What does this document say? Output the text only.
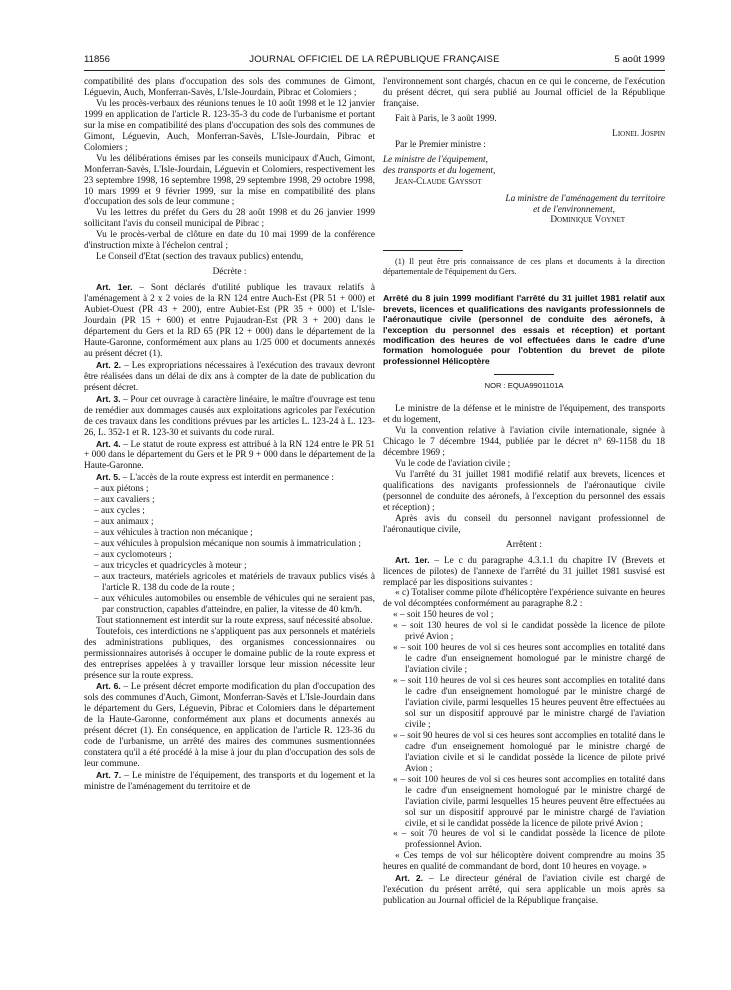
11856	JOURNAL OFFICIEL DE LA RÉPUBLIQUE FRANÇAISE	5 août 1999

compatibilité des plans d'occupation des sols des communes de Gimont, Léguevin, Auch, Monferran-Savès, L'Isle-Jourdain, Pibrac et Colomiers ;

Vu les procès-verbaux des réunions tenues le 10 août 1998 et le 12 janvier 1999 en application de l'article R. 123-35-3 du code de l'urbanisme et portant sur la mise en compatibilité des plans d'occupation des sols des communes de Gimont, Léguevin, Auch, Monferran-Savès, L'Isle-Jourdain, Pibrac et Colomiers ;

Vu les délibérations émises par les conseils municipaux d'Auch, Gimont, Monferran-Savès, L'Isle-Jourdain, Léguevin et Colomiers, respectivement les 23 septembre 1998, 16 septembre 1998, 29 septembre 1998, 29 octobre 1998, 10 mars 1999 et 9 février 1999, sur la mise en compatibilité des plans d'occupation des sols de leur commune ;

Vu les lettres du préfet du Gers du 28 août 1998 et du 26 janvier 1999 sollicitant l'avis du conseil municipal de Pibrac ;

Vu le procès-verbal de clôture en date du 10 mai 1999 de la conférence d'instruction mixte à l'échelon central ;

Le Conseil d'Etat (section des travaux publics) entendu,

Décrète :

Art. 1er. – Sont déclarés d'utilité publique les travaux relatifs à l'aménagement à 2 x 2 voies de la RN 124 entre Auch-Est (PR 51 + 000) et Aubiet-Ouest (PR 43 + 200), entre Aubiet-Est (PR 35 + 000) et L'Isle-Jourdain (PR 15 + 600) et entre Pujaudran-Est (PR 3 + 200) dans le département du Gers et la RD 65 (PR 12 + 000) dans le département de la Haute-Garonne, conformément aux plans au 1/25 000 et documents annexés au présent décret (1).

Art. 2. – Les expropriations nécessaires à l'exécution des travaux devront être réalisées dans un délai de dix ans à compter de la date de publication du présent décret.

Art. 3. – Pour cet ouvrage à caractère linéaire, le maître d'ouvrage est tenu de remédier aux dommages causés aux exploitations agricoles par l'exécution de ces travaux dans les conditions prévues par les articles L. 123-24 à L. 123-26, L. 352-1 et R. 123-30 et suivants du code rural.

Art. 4. – Le statut de route express est attribué à la RN 124 entre le PR 51 + 000 dans le département du Gers et le PR 9 + 000 dans le département de la Haute-Garonne.

Art. 5. – L'accès de la route express est interdit en permanence :

– aux piétons ;

– aux cavaliers ;

– aux cycles ;

– aux animaux ;

– aux véhicules à traction non mécanique ;

– aux véhicules à propulsion mécanique non soumis à immatriculation ;

– aux cyclomoteurs ;

– aux tricycles et quadricycles à moteur ;

– aux tracteurs, matériels agricoles et matériels de travaux publics visés à l'article R. 138 du code de la route ;

– aux véhicules automobiles ou ensemble de véhicules qui ne seraient pas, par construction, capables d'atteindre, en palier, la vitesse de 40 km/h.

Tout stationnement est interdit sur la route express, sauf nécessité absolue.

Toutefois, ces interdictions ne s'appliquent pas aux personnels et matériels des administrations publiques, des organismes concessionnaires ou permissionnaires autorisés à occuper le domaine public de la route express et des entreprises appelées à y travailler lorsque leur mission nécessite leur présence sur la route express.

Art. 6. – Le présent décret emporte modification du plan d'occupation des sols des communes d'Auch, Gimont, Monferran-Savès et L'Isle-Jourdain dans le département du Gers, Léguevin, Pibrac et Colomiers dans le département de la Haute-Garonne, conformément aux plans et documents annexés au présent décret (1). En conséquence, en application de l'article R. 123-36 du code de l'urbanisme, un arrêté des maires des communes susmentionnées constatera qu'il a été procédé à la mise à jour du plan d'occupation des sols de leur commune.

Art. 7. – Le ministre de l'équipement, des transports et du logement et la ministre de l'aménagement du territoire et de

l'environnement sont chargés, chacun en ce qui le concerne, de l'exécution du présent décret, qui sera publié au Journal officiel de la République française.

Fait à Paris, le 3 août 1999.

Lionel Jospin

Par le Premier ministre :

Le ministre de l'équipement,

des transports et du logement,

Jean-Claude Gayssot

La ministre de l'aménagement du territoire

et de l'environnement,

Dominique Voynet

(1) Il peut être pris connaissance de ces plans et documents à la direction départementale de l'équipement du Gers.

Arrêté du 8 juin 1999 modifiant l'arrêté du 31 juillet 1981 relatif aux brevets, licences et qualifications des navigants professionnels de l'aéronautique civile (personnel de conduite des aéronefs, à l'exception du personnel des essais et réception) et portant modification des heures de vol effectuées dans le cadre d'une formation homologuée pour l'obtention du brevet de pilote professionnel Hélicoptère
NOR : EQUA9901101A

Le ministre de la défense et le ministre de l'équipement, des transports et du logement,

Vu la convention relative à l'aviation civile internationale, signée à Chicago le 7 décembre 1944, publiée par le décret n° 69-1158 du 18 décembre 1969 ;

Vu le code de l'aviation civile ;

Vu l'arrêté du 31 juillet 1981 modifié relatif aux brevets, licences et qualifications des navigants professionnels de l'aéronautique civile (personnel de conduite des aéronefs, à l'exception du personnel des essais et réception) ;

Après avis du conseil du personnel navigant professionnel de l'aéronautique civile,

Arrêtent :

Art. 1er. – Le c du paragraphe 4.3.1.1 du chapitre IV (Brevets et licences de pilotes) de l'annexe de l'arrêté du 31 juillet 1981 susvisé est remplacé par les dispositions suivantes :

« c) Totaliser comme pilote d'hélicoptère l'expérience suivante en heures de vol décomptées conformément au paragraphe 8.2 :

« – soit 150 heures de vol ;

« – soit 130 heures de vol si le candidat possède la licence de pilote privé Avion ;

« – soit 100 heures de vol si ces heures sont accomplies en totalité dans le cadre d'un enseignement homologué par le ministre chargé de l'aviation civile ;

« – soit 110 heures de vol si ces heures sont accomplies en totalité dans le cadre d'un enseignement homologué par le ministre chargé de l'aviation civile, parmi lesquelles 15 heures peuvent être effectuées au sol sur un dispositif approuvé par le ministre chargé de l'aviation civile ;

« – soit 90 heures de vol si ces heures sont accomplies en totalité dans le cadre d'un enseignement homologué par le ministre chargé de l'aviation civile et si le candidat possède la licence de pilote privé Avion ;

« – soit 100 heures de vol si ces heures sont accomplies en totalité dans le cadre d'un enseignement homologué par le ministre chargé de l'aviation civile, parmi lesquelles 15 heures peuvent être effectuées au sol sur un dispositif approuvé par le ministre chargé de l'aviation civile, et si le candidat possède la licence de pilote privé Avion ;

« – soit 70 heures de vol si le candidat possède la licence de pilote professionnel Avion.

« Ces temps de vol sur hélicoptère doivent comprendre au moins 35 heures en qualité de commandant de bord, dont 10 heures en voyage. »

Art. 2. – Le directeur général de l'aviation civile est chargé de l'exécution du présent arrêté, qui sera applicable un mois après sa publication au Journal officiel de la République française.
